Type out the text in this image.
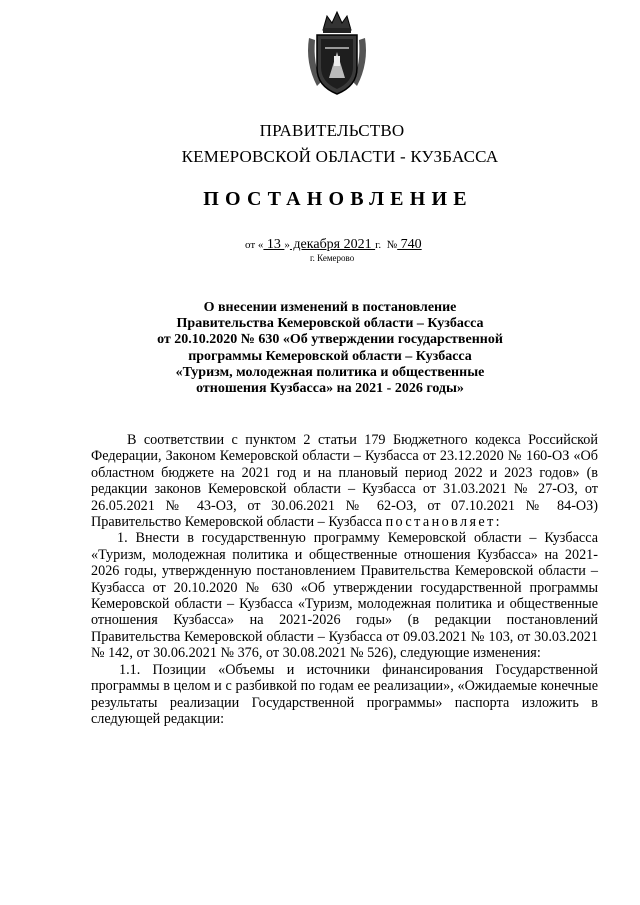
ПРАВИТЕЛЬСТВО
КЕМЕРОВСКОЙ ОБЛАСТИ - КУЗБАССА
ПОСТАНОВЛЕНИЕ
от « 13 » декабря 2021 г. № 740
г. Кемерово
О внесении изменений в постановление
Правительства Кемеровской области – Кузбасса
от 20.10.2020 № 630 «Об утверждении государственной
программы Кемеровской области – Кузбасса
«Туризм, молодежная политика и общественные
отношения Кузбасса» на 2021 - 2026 годы»

В соответствии с пунктом 2 статьи 179 Бюджетного кодекса Российской Федерации, Законом Кемеровской области – Кузбасса от 23.12.2020 № 160-ОЗ «Об областном бюджете на 2021 год и на плановый период 2022 и 2023 годов» (в редакции законов Кемеровской области – Кузбасса от 31.03.2021 № 27-ОЗ, от 26.05.2021 № 43-ОЗ, от 30.06.2021 № 62-ОЗ, от 07.10.2021 № 84-ОЗ) Правительство Кемеровской области – Кузбасса постановляет:

1. Внести в государственную программу Кемеровской области – Кузбасса «Туризм, молодежная политика и общественные отношения Кузбасса» на 2021-2026 годы, утвержденную постановлением Правительства Кемеровской области – Кузбасса от 20.10.2020 № 630 «Об утверждении государственной программы Кемеровской области – Кузбасса «Туризм, молодежная политика и общественные отношения Кузбасса» на 2021-2026 годы» (в редакции постановлений Правительства Кемеровской области – Кузбасса от 09.03.2021 № 103, от 30.03.2021 № 142, от 30.06.2021 № 376, от 30.08.2021 № 526), следующие изменения:

1.1. Позиции «Объемы и источники финансирования Государственной программы в целом и с разбивкой по годам ее реализации», «Ожидаемые конечные результаты реализации Государственной программы» паспорта изложить в следующей редакции:
